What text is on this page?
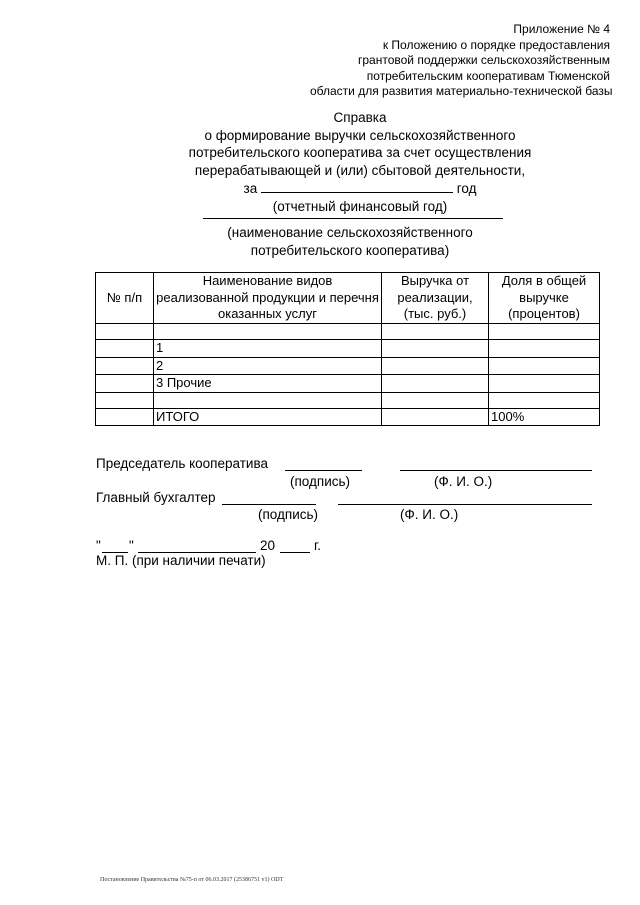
Приложение № 4
к Положению о порядке предоставления
грантовой поддержки сельскохозяйственным
потребительским кооперативам Тюменской
области для развития материально-технической базы
Справка
о формирование выручки сельскохозяйственного
потребительского кооператива за счет осуществления
перерабатывающей и (или) сбытовой деятельности,
за	год
(отчетный финансовый год)
(наименование сельскохозяйственного
потребительского кооператива)
№ п/п	Наименование видов реализованной продукции и перечня оказанных услуг	Выручка от реализации, (тыс. руб.)	Доля в общей выручке (процентов)

	1		
	2		
	3 Прочие		

	ИТОГО		100%
Председатель кооператива
(подпись)	(Ф. И. О.)
Главный бухгалтер
(подпись)	(Ф. И. О.)
" "	20	г.
М. П. (при наличии печати)
Постановление Правительства №75-п от 06.03.2017 (25386751 v1) ODT
